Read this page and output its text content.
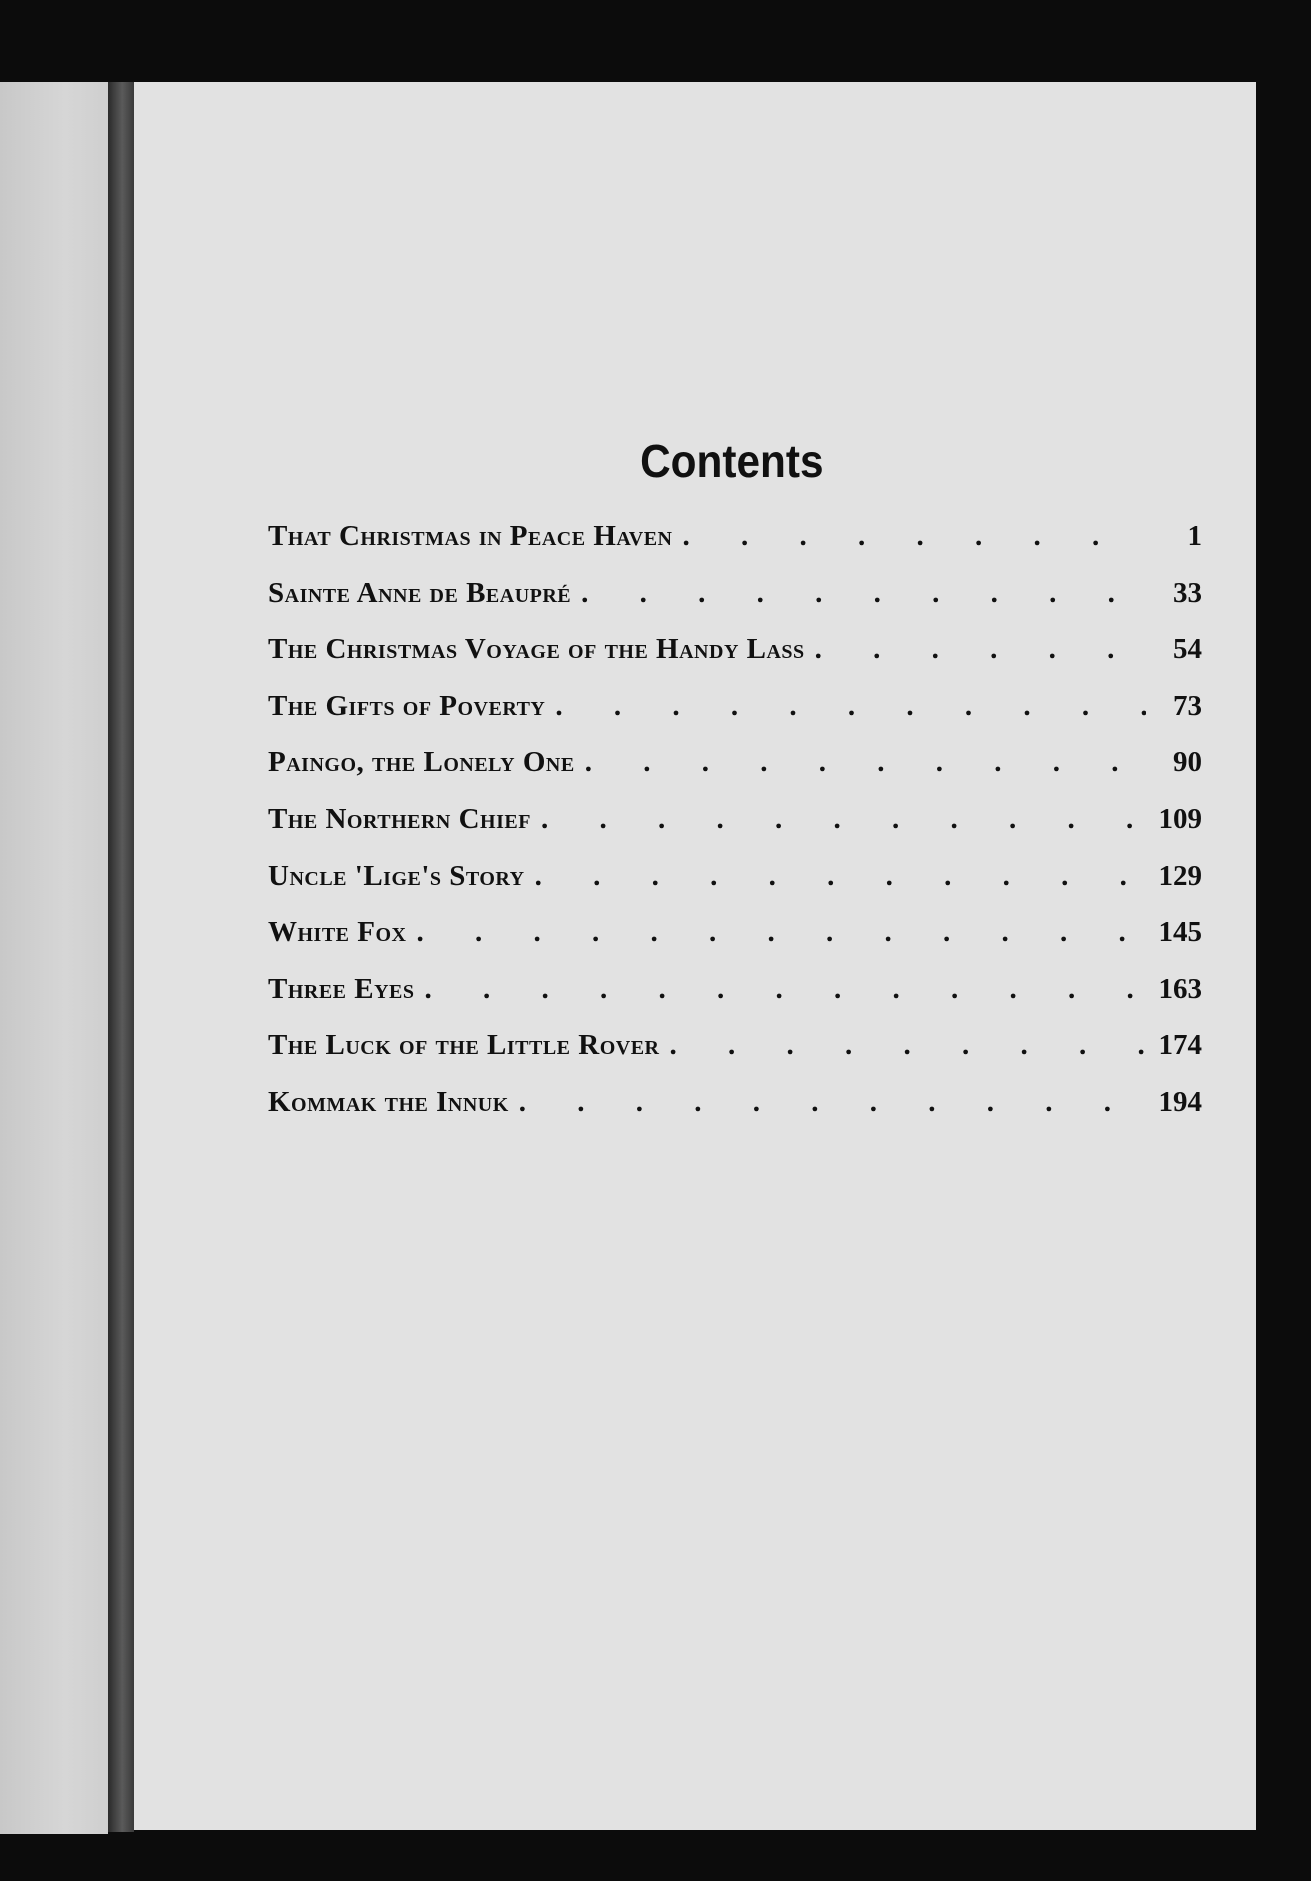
Contents
That Christmas in Peace Haven . . .	1
Sainte Anne de Beaupré . . .	33
The Christmas Voyage of the Handy Lass . . .	54
The Gifts of Poverty . . .	73
Paingo, the Lonely One . . .	90
The Northern Chief . . .	109
Uncle 'Lige's Story . . .	129
White Fox . . .	145
Three Eyes . . .	163
The Luck of the Little Rover . . .	174
Kommak the Innuk . . .	194
